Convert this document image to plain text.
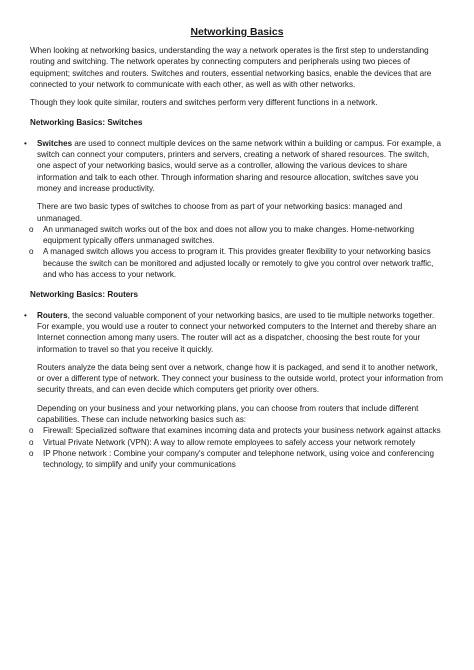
Networking Basics

When looking at networking basics, understanding the way a network operates is the first step to understanding routing and switching. The network operates by connecting computers and peripherals using two pieces of equipment; switches and routers. Switches and routers, essential networking basics, enable the devices that are connected to your network to communicate with each other, as well as with other networks.

Though they look quite similar, routers and switches perform very different functions in a network.

Networking Basics: Switches

• Switches are used to connect multiple devices on the same network within a building or campus. For example, a switch can connect your computers, printers and servers, creating a network of shared resources. The switch, one aspect of your networking basics, would serve as a controller, allowing the various devices to share information and talk to each other. Through information sharing and resource allocation, switches save you money and increase productivity.

There are two basic types of switches to choose from as part of your networking basics: managed and unmanaged.

o	An unmanaged switch works out of the box and does not allow you to make changes. Home-networking equipment typically offers unmanaged switches.

o	A managed switch allows you access to program it. This provides greater flexibility to your networking basics because the switch can be monitored and adjusted locally or remotely to give you control over network traffic, and who has access to your network.

Networking Basics: Routers

• Routers, the second valuable component of your networking basics, are used to tie multiple networks together. For example, you would use a router to connect your networked computers to the Internet and thereby share an Internet connection among many users. The router will act as a dispatcher, choosing the best route for your information to travel so that you receive it quickly.

Routers analyze the data being sent over a network, change how it is packaged, and send it to another network, or over a different type of network. They connect your business to the outside world, protect your information from security threats, and can even decide which computers get priority over others.

Depending on your business and your networking plans, you can choose from routers that include different capabilities. These can include networking basics such as:

o	Firewall: Specialized software that examines incoming data and protects your business network against attacks

o	Virtual Private Network (VPN): A way to allow remote employees to safely access your network remotely

o	IP Phone network : Combine your company's computer and telephone network, using voice and conferencing technology, to simplify and unify your communications
